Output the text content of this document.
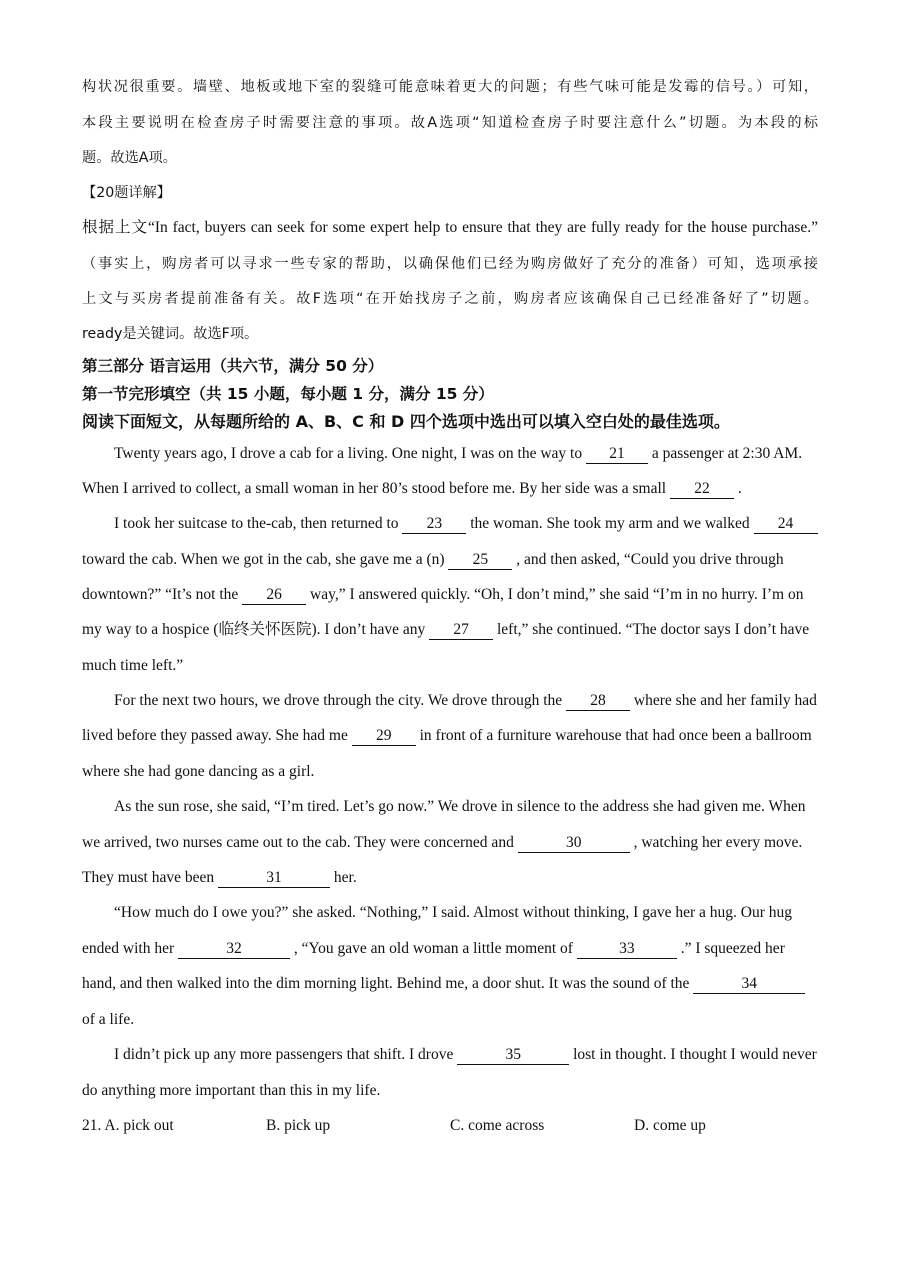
构状况很重要。墙壁、地板或地下室的裂缝可能意味着更大的问题；有些气味可能是发霉的信号。）可知，
本段主要说明在检查房子时需要注意的事项。故A选项“知道检查房子时要注意什么”切题。为本段的标
题。故选A项。
【20题详解】
根据上文“In fact, buyers can seek for some expert help to ensure that they are fully ready for the house purchase.”
（事实上，购房者可以寻求一些专家的帮助，以确保他们已经为购房做好了充分的准备）可知，选项承接
上文与买房者提前准备有关。故F选项“在开始找房子之前，购房者应该确保自己已经准备好了”切题。
ready是关键词。故选F项。
第三部分 语言运用（共六节，满分 50 分）
第一节完形填空（共 15 小题，每小题 1 分，满分 15 分）
阅读下面短文，从每题所给的 A、B、C 和 D 四个选项中选出可以填入空白处的最佳选项。
Twenty years ago, I drove a cab for a living. One night, I was on the way to 21 a passenger at 2:30 AM.
When I arrived to collect, a small woman in her 80’s stood before me. By her side was a small 22 .
I took her suitcase to the-cab, then returned to 23 the woman. She took my arm and we walked 24
toward the cab. When we got in the cab, she gave me a (n) 25 , and then asked, “Could you drive through
downtown?” “It’s not the 26 way,” I answered quickly. “Oh, I don’t mind,” she said “I’m in no hurry. I’m on
my way to a hospice (临终关怀医院). I don’t have any 27 left,” she continued. “The doctor says I don’t have
much time left.”
For the next two hours, we drove through the city. We drove through the 28 where she and her family had
lived before they passed away. She had me 29 in front of a furniture warehouse that had once been a ballroom
where she had gone dancing as a girl.
As the sun rose, she said, “I’m tired. Let’s go now.” We drove in silence to the address she had given me. When
we arrived, two nurses came out to the cab. They were concerned and	30	, watching her every move.
They must have been	31	her.
“How much do I owe you?” she asked. “Nothing,” I said. Almost without thinking, I gave her a hug. Our hug
ended with her	32	, “You gave an old woman a little moment of	33	.” I squeezed her
hand, and then walked into the dim morning light. Behind me, a door shut. It was the sound of the	34
of a life.
I didn’t pick up any more passengers that shift. I drove	35	lost in thought. I thought I would never
do anything more important than this in my life.
21. A. pick out	B. pick up	C. come across	D. come up
